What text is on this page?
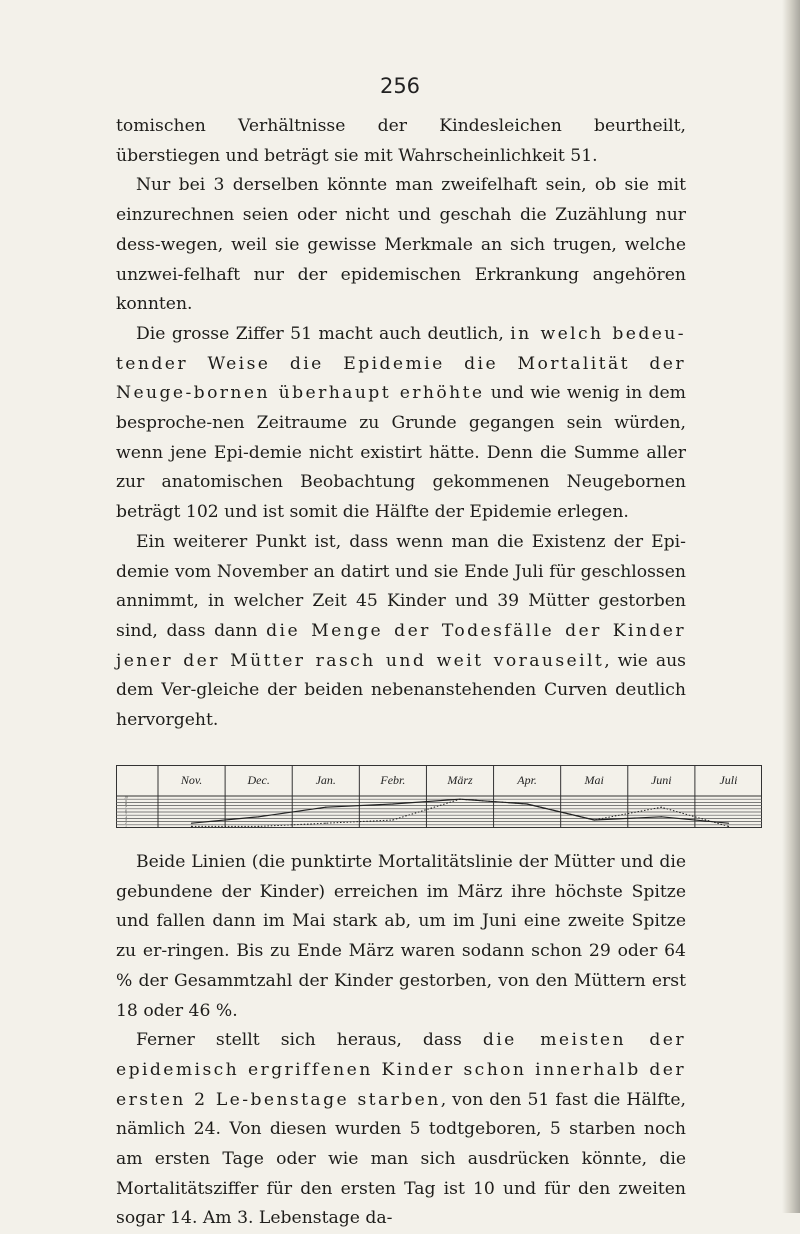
256

tomischen Verhältnisse der Kindesleichen beurtheilt, überstiegen und beträgt sie mit Wahrscheinlichkeit 51.

Nur bei 3 derselben könnte man zweifelhaft sein, ob sie mit einzurechnen seien oder nicht und geschah die Zuzählung nur dess-wegen, weil sie gewisse Merkmale an sich trugen, welche unzwei-felhaft nur der epidemischen Erkrankung angehören konnten.

Die grosse Ziffer 51 macht auch deutlich, in welch bedeu-tender Weise die Epidemie die Mortalität der Neuge-bornen überhaupt erhöhte und wie wenig in dem besproche-nen Zeitraume zu Grunde gegangen sein würden, wenn jene Epi-demie nicht existirt hätte. Denn die Summe aller zur anatomischen Beobachtung gekommenen Neugebornen beträgt 102 und ist somit die Hälfte der Epidemie erlegen.

Ein weiterer Punkt ist, dass wenn man die Existenz der Epi-demie vom November an datirt und sie Ende Juli für geschlossen annimmt, in welcher Zeit 45 Kinder und 39 Mütter gestorben sind, dass dann die Menge der Todesfälle der Kinder jener der Mütter rasch und weit vorauseilt, wie aus dem Ver-gleiche der beiden nebenanstehenden Curven deutlich hervorgeht.

Nov.	Dec.	Jan.	Febr.	März	Apr.	Mai	Juni	Juli
10
9
8
7
6
5
4
3
2
1

Beide Linien (die punktirte Mortalitätslinie der Mütter und die gebundene der Kinder) erreichen im März ihre höchste Spitze und fallen dann im Mai stark ab, um im Juni eine zweite Spitze zu er-ringen. Bis zu Ende März waren sodann schon 29 oder 64 % der Gesammtzahl der Kinder gestorben, von den Müttern erst 18 oder 46 %.

Ferner stellt sich heraus, dass die meisten der epidemisch ergriffenen Kinder schon innerhalb der ersten 2 Le-benstage starben, von den 51 fast die Hälfte, nämlich 24. Von diesen wurden 5 todtgeboren, 5 starben noch am ersten Tage oder wie man sich ausdrücken könnte, die Mortalitätsziffer für den ersten Tag ist 10 und für den zweiten sogar 14. Am 3. Lebenstage da-
